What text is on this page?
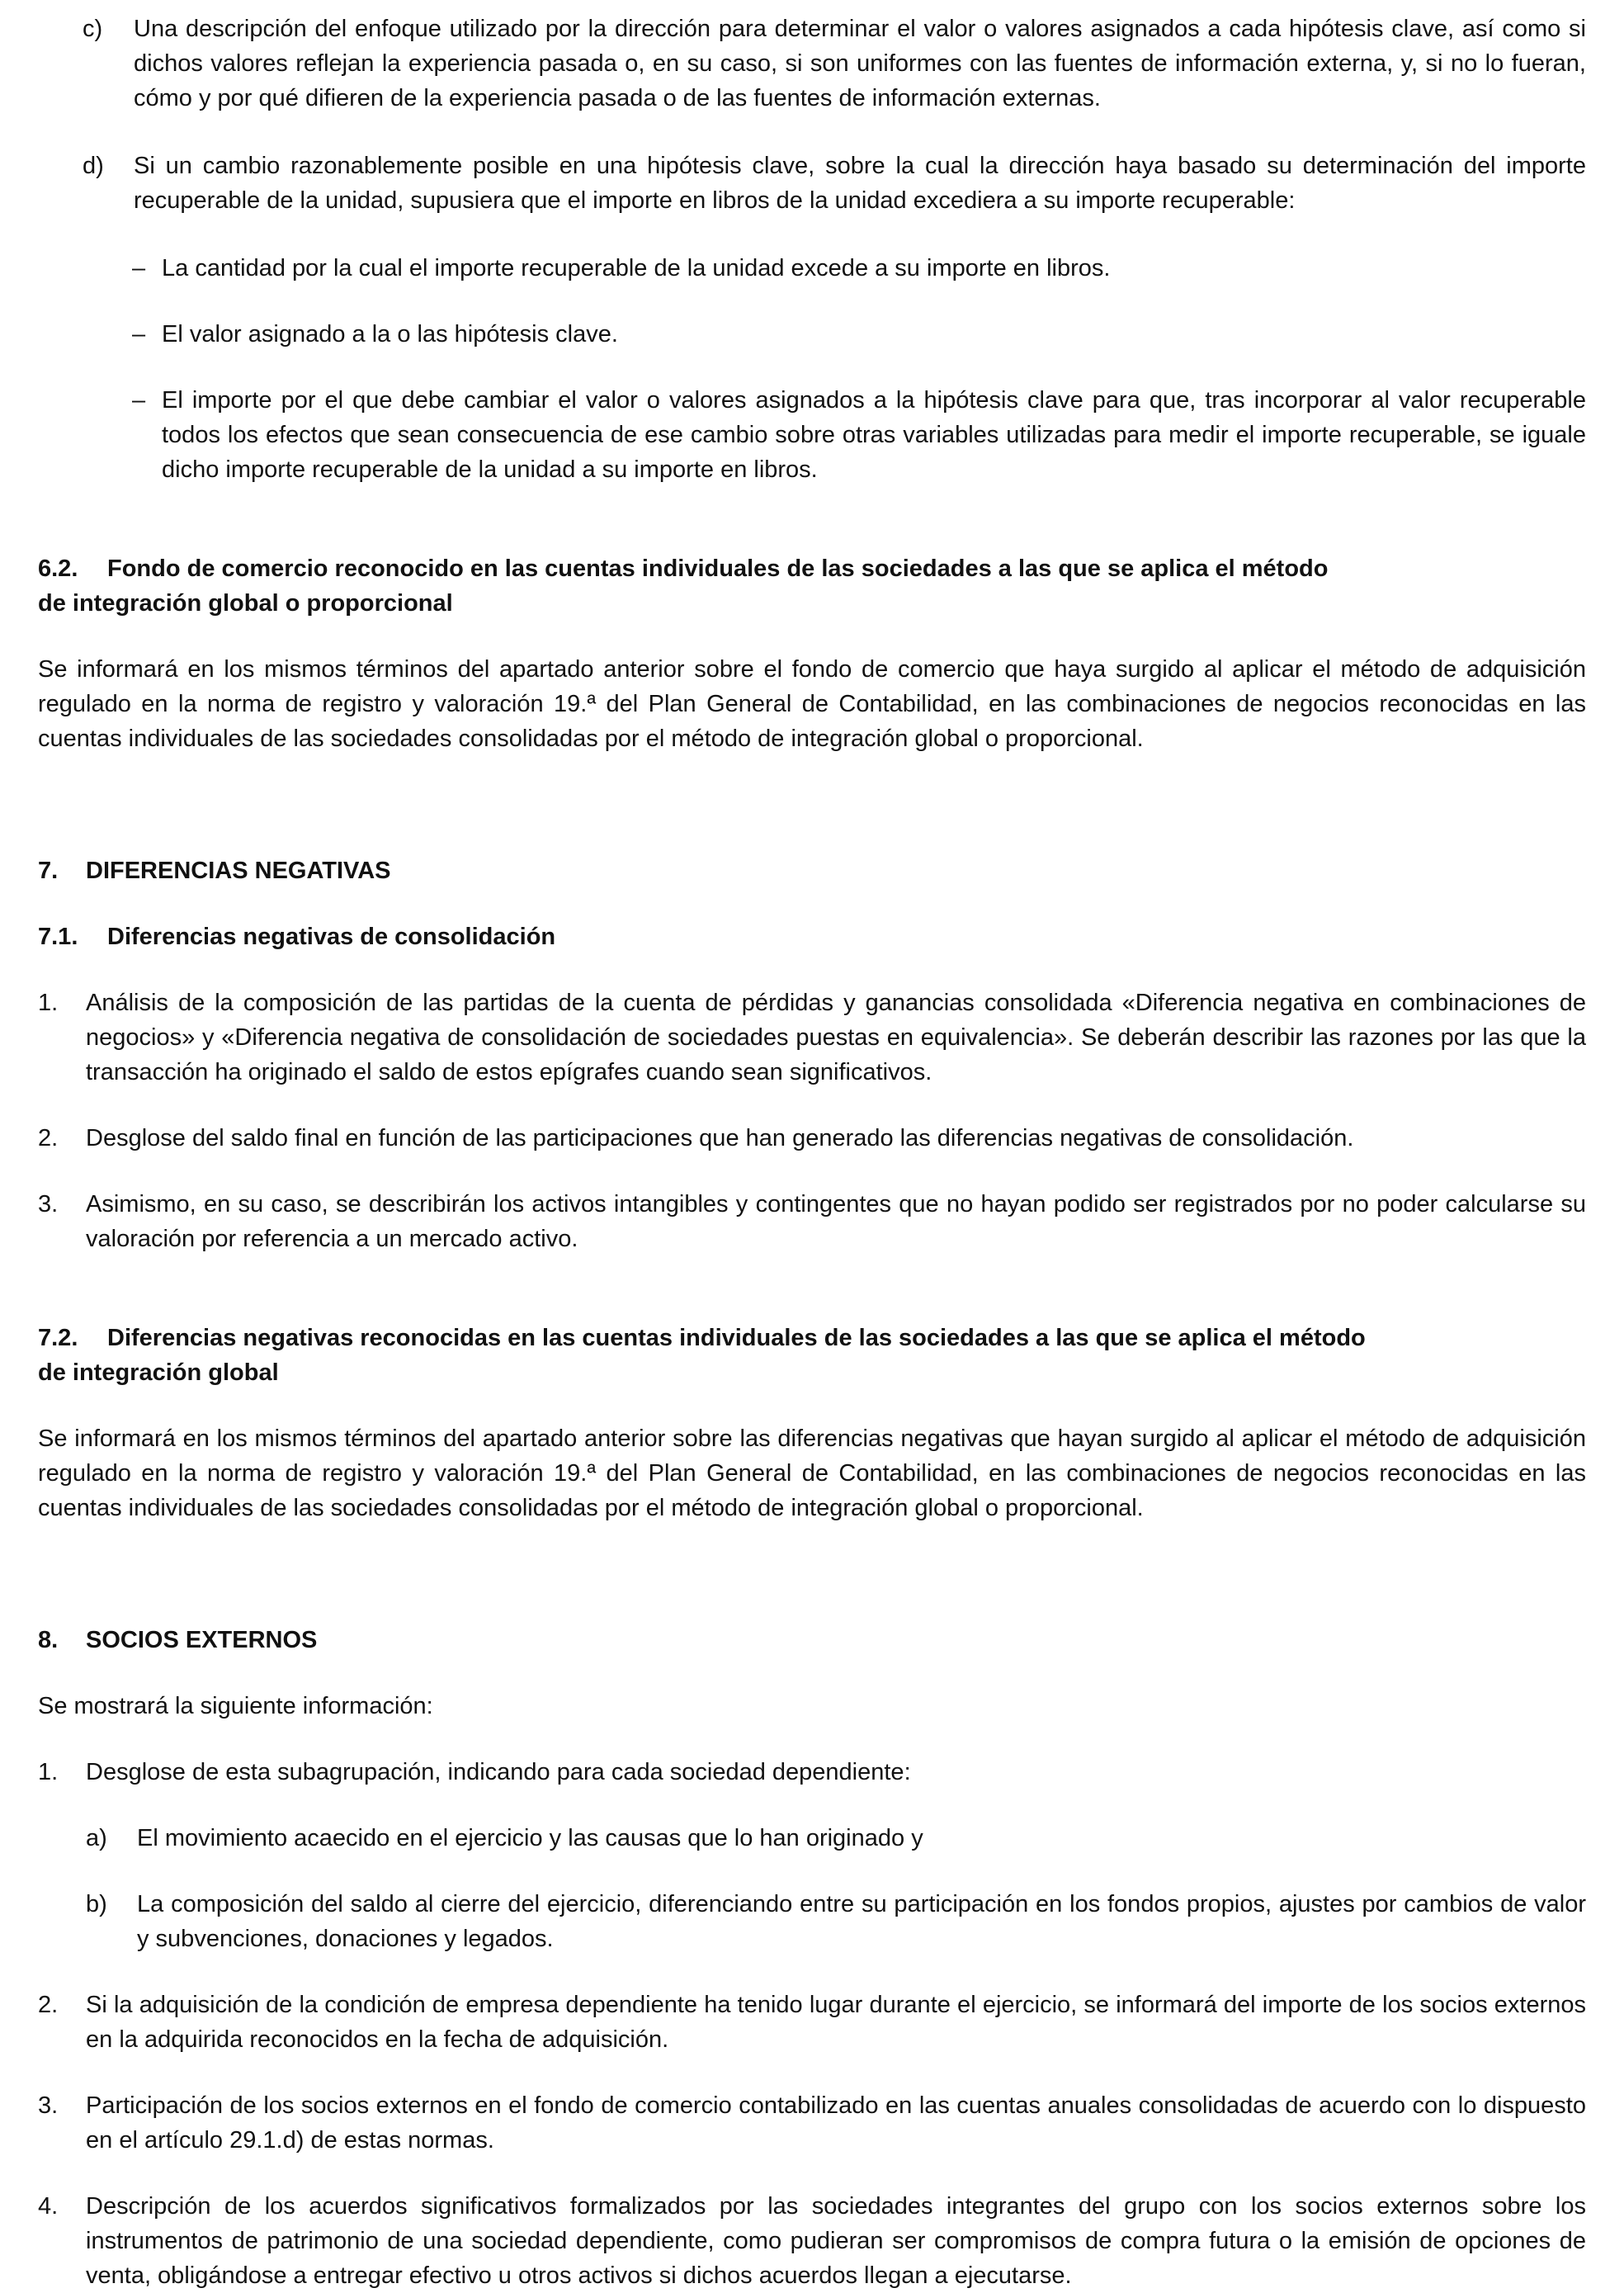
c) Una descripción del enfoque utilizado por la dirección para determinar el valor o valores asignados a cada hipótesis clave, así como si dichos valores reflejan la experiencia pasada o, en su caso, si son uniformes con las fuentes de información externa, y, si no lo fueran, cómo y por qué difieren de la experiencia pasada o de las fuentes de información externas.
d) Si un cambio razonablemente posible en una hipótesis clave, sobre la cual la dirección haya basado su determinación del importe recuperable de la unidad, supusiera que el importe en libros de la unidad excediera a su importe recuperable:
– La cantidad por la cual el importe recuperable de la unidad excede a su importe en libros.
– El valor asignado a la o las hipótesis clave.
– El importe por el que debe cambiar el valor o valores asignados a la hipótesis clave para que, tras incorporar al valor recuperable todos los efectos que sean consecuencia de ese cambio sobre otras variables utilizadas para medir el importe recuperable, se iguale dicho importe recuperable de la unidad a su importe en libros.
6.2. Fondo de comercio reconocido en las cuentas individuales de las sociedades a las que se aplica el método
de integración global o proporcional

Se informará en los mismos términos del apartado anterior sobre el fondo de comercio que haya surgido al aplicar el método de adquisición regulado en la norma de registro y valoración 19.ª del Plan General de Contabilidad, en las combinaciones de negocios reconocidas en las cuentas individuales de las sociedades consolidadas por el método de integración global o proporcional.

7. DIFERENCIAS NEGATIVAS
7.1. Diferencias negativas de consolidación
1. Análisis de la composición de las partidas de la cuenta de pérdidas y ganancias consolidada «Diferencia negativa en combinaciones de negocios» y «Diferencia negativa de consolidación de sociedades puestas en equivalencia». Se deberán describir las razones por las que la transacción ha originado el saldo de estos epígrafes cuando sean significativos.
2. Desglose del saldo final en función de las participaciones que han generado las diferencias negativas de consolidación.
3. Asimismo, en su caso, se describirán los activos intangibles y contingentes que no hayan podido ser registrados por no poder calcularse su valoración por referencia a un mercado activo.
7.2. Diferencias negativas reconocidas en las cuentas individuales de las sociedades a las que se aplica el método
de integración global

Se informará en los mismos términos del apartado anterior sobre las diferencias negativas que hayan surgido al aplicar el método de adquisición regulado en la norma de registro y valoración 19.ª del Plan General de Contabilidad, en las combinaciones de negocios reconocidas en las cuentas individuales de las sociedades consolidadas por el método de integración global o proporcional.

8. SOCIOS EXTERNOS

Se mostrará la siguiente información:

1. Desglose de esta subagrupación, indicando para cada sociedad dependiente:
a) El movimiento acaecido en el ejercicio y las causas que lo han originado y
b) La composición del saldo al cierre del ejercicio, diferenciando entre su participación en los fondos propios, ajustes por cambios de valor y subvenciones, donaciones y legados.
2. Si la adquisición de la condición de empresa dependiente ha tenido lugar durante el ejercicio, se informará del importe de los socios externos en la adquirida reconocidos en la fecha de adquisición.
3. Participación de los socios externos en el fondo de comercio contabilizado en las cuentas anuales consolidadas de acuerdo con lo dispuesto en el artículo 29.1.d) de estas normas.
4. Descripción de los acuerdos significativos formalizados por las sociedades integrantes del grupo con los socios externos sobre los instrumentos de patrimonio de una sociedad dependiente, como pudieran ser compromisos de compra futura o la emisión de opciones de venta, obligándose a entregar efectivo u otros activos si dichos acuerdos llegan a ejecutarse.
